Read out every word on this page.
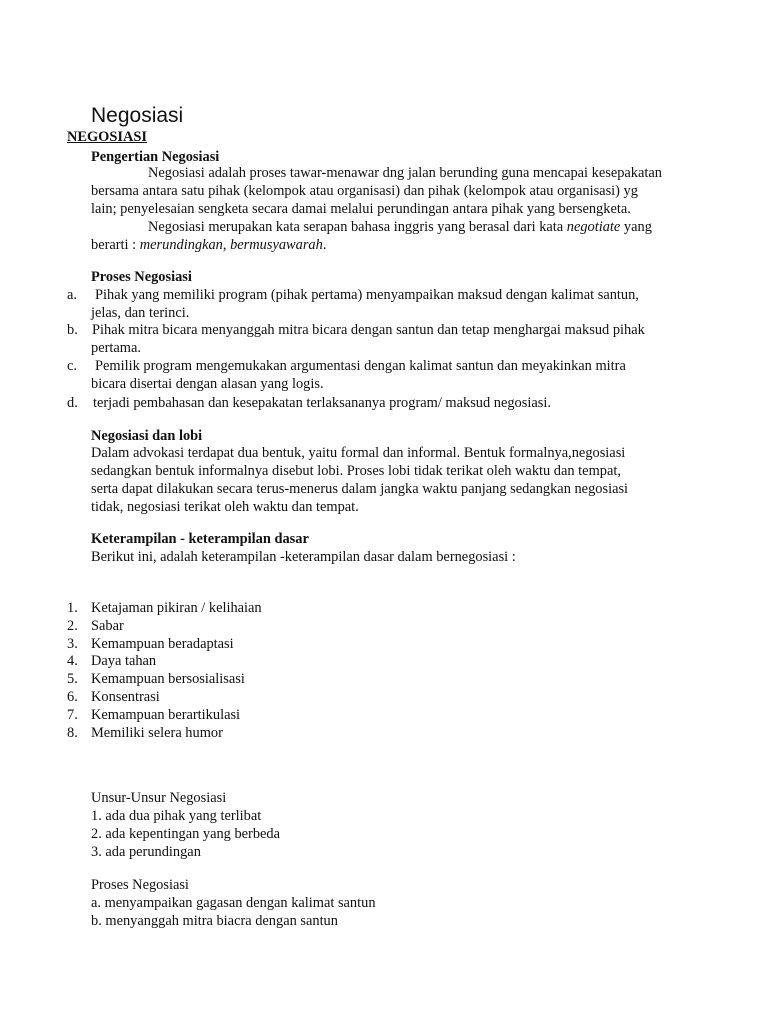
Negosiasi
NEGOSIASI
Pengertian Negosiasi
Negosiasi adalah proses tawar-menawar dng jalan berunding guna mencapai kesepakatan
bersama antara satu pihak (kelompok atau organisasi) dan pihak (kelompok atau organisasi) yg
lain; penyelesaian sengketa secara damai melalui perundingan antara pihak yang bersengketa.
Negosiasi merupakan kata serapan bahasa inggris yang berasal dari kata negotiate yang
berarti : merundingkan, bermusyawarah.
Proses Negosiasi
a. Pihak yang memiliki program (pihak pertama) menyampaikan maksud dengan kalimat santun,
jelas, dan terinci.
b. Pihak mitra bicara menyanggah mitra bicara dengan santun dan tetap menghargai maksud pihak
pertama.
c. Pemilik program mengemukakan argumentasi dengan kalimat santun dan meyakinkan mitra
bicara disertai dengan alasan yang logis.
d. terjadi pembahasan dan kesepakatan terlaksananya program/ maksud negosiasi.
Negosiasi dan lobi
Dalam advokasi terdapat dua bentuk, yaitu formal dan informal. Bentuk formalnya,negosiasi
sedangkan bentuk informalnya disebut lobi. Proses lobi tidak terikat oleh waktu dan tempat,
serta dapat dilakukan secara terus-menerus dalam jangka waktu panjang sedangkan negosiasi
tidak, negosiasi terikat oleh waktu dan tempat.
Keterampilan - keterampilan dasar
Berikut ini, adalah keterampilan -keterampilan dasar dalam bernegosiasi :
1. Ketajaman pikiran / kelihaian
2. Sabar
3. Kemampuan beradaptasi
4. Daya tahan
5. Kemampuan bersosialisasi
6. Konsentrasi
7. Kemampuan berartikulasi
8. Memiliki selera humor
Unsur-Unsur Negosiasi
1. ada dua pihak yang terlibat
2. ada kepentingan yang berbeda
3. ada perundingan
Proses Negosiasi
a. menyampaikan gagasan dengan kalimat santun
b. menyanggah mitra biacra dengan santun
